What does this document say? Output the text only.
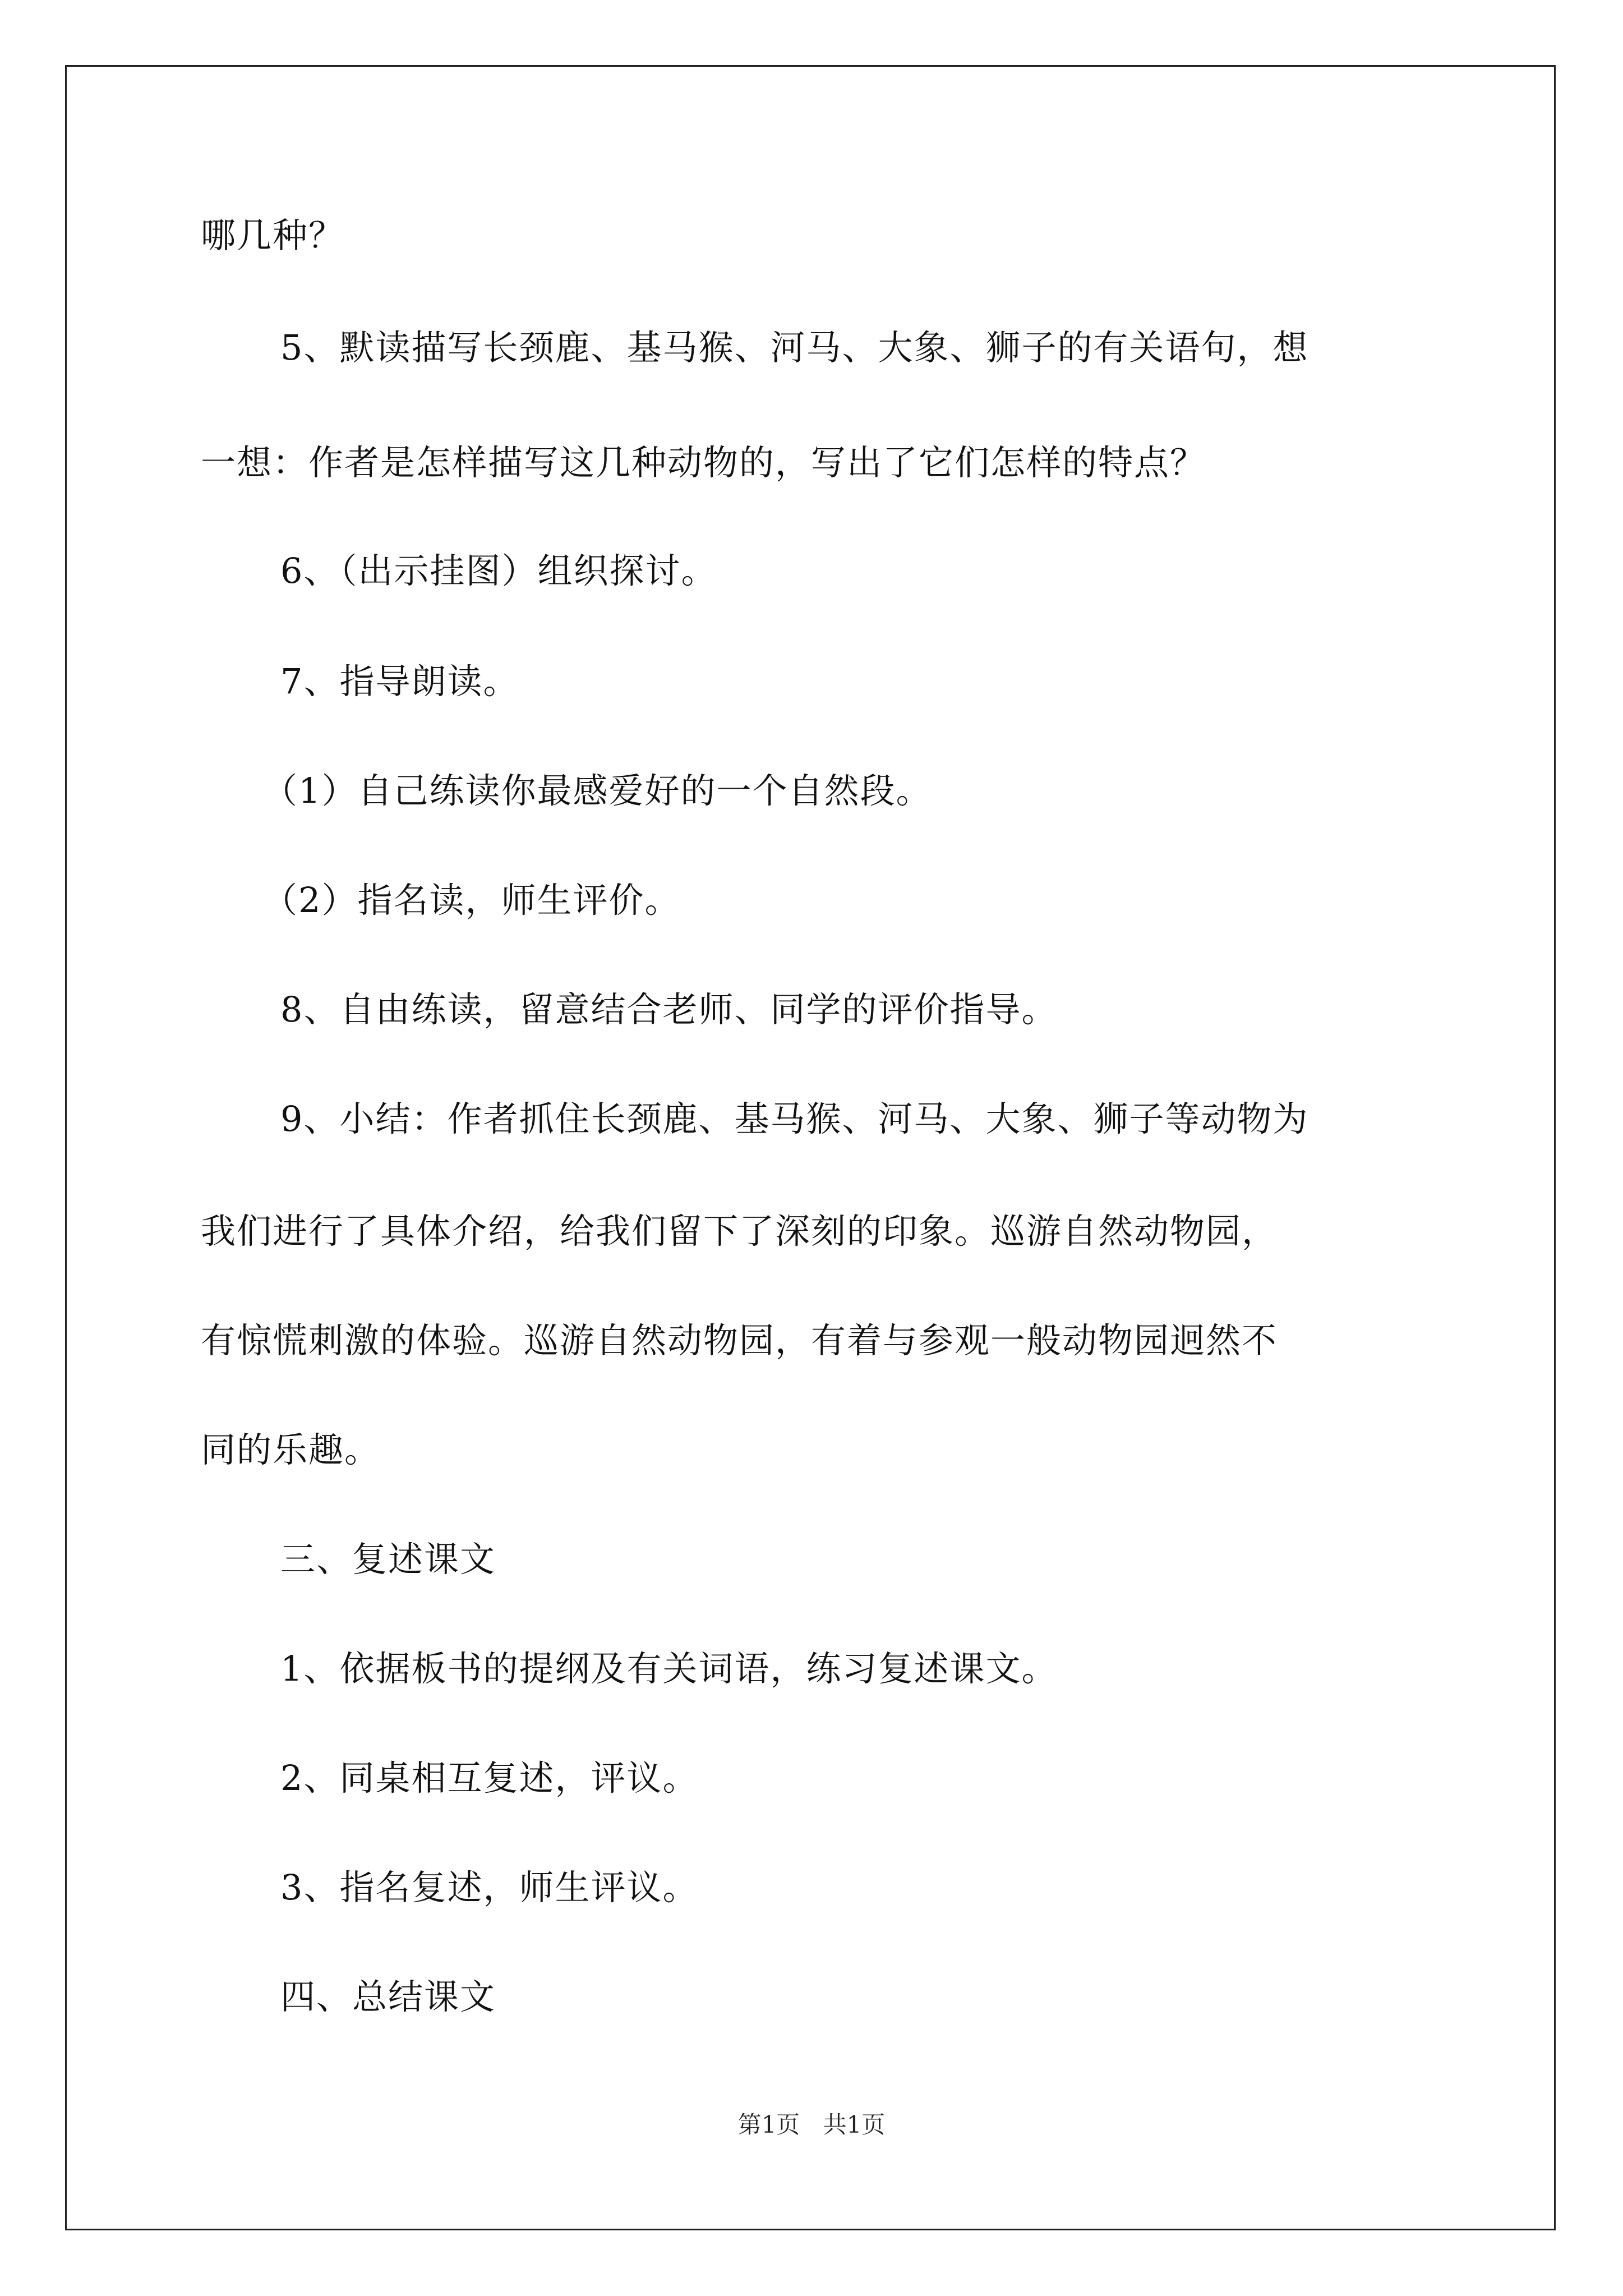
哪几种？
5、默读描写长颈鹿、基马猴、河马、大象、狮子的有关语句，想
一想：作者是怎样描写这几种动物的，写出了它们怎样的特点？
6、（出示挂图）组织探讨。
7、指导朗读。
（1）自己练读你最感爱好的一个自然段。
（2）指名读，师生评价。
8、自由练读，留意结合老师、同学的评价指导。
9、小结：作者抓住长颈鹿、基马猴、河马、大象、狮子等动物为
我们进行了具体介绍，给我们留下了深刻的印象。巡游自然动物园，
有惊慌刺激的体验。巡游自然动物园，有着与参观一般动物园迥然不
同的乐趣。
三、复述课文
1、依据板书的提纲及有关词语，练习复述课文。
2、同桌相互复述，评议。
3、指名复述，师生评议。
四、总结课文
第1页 共1页
